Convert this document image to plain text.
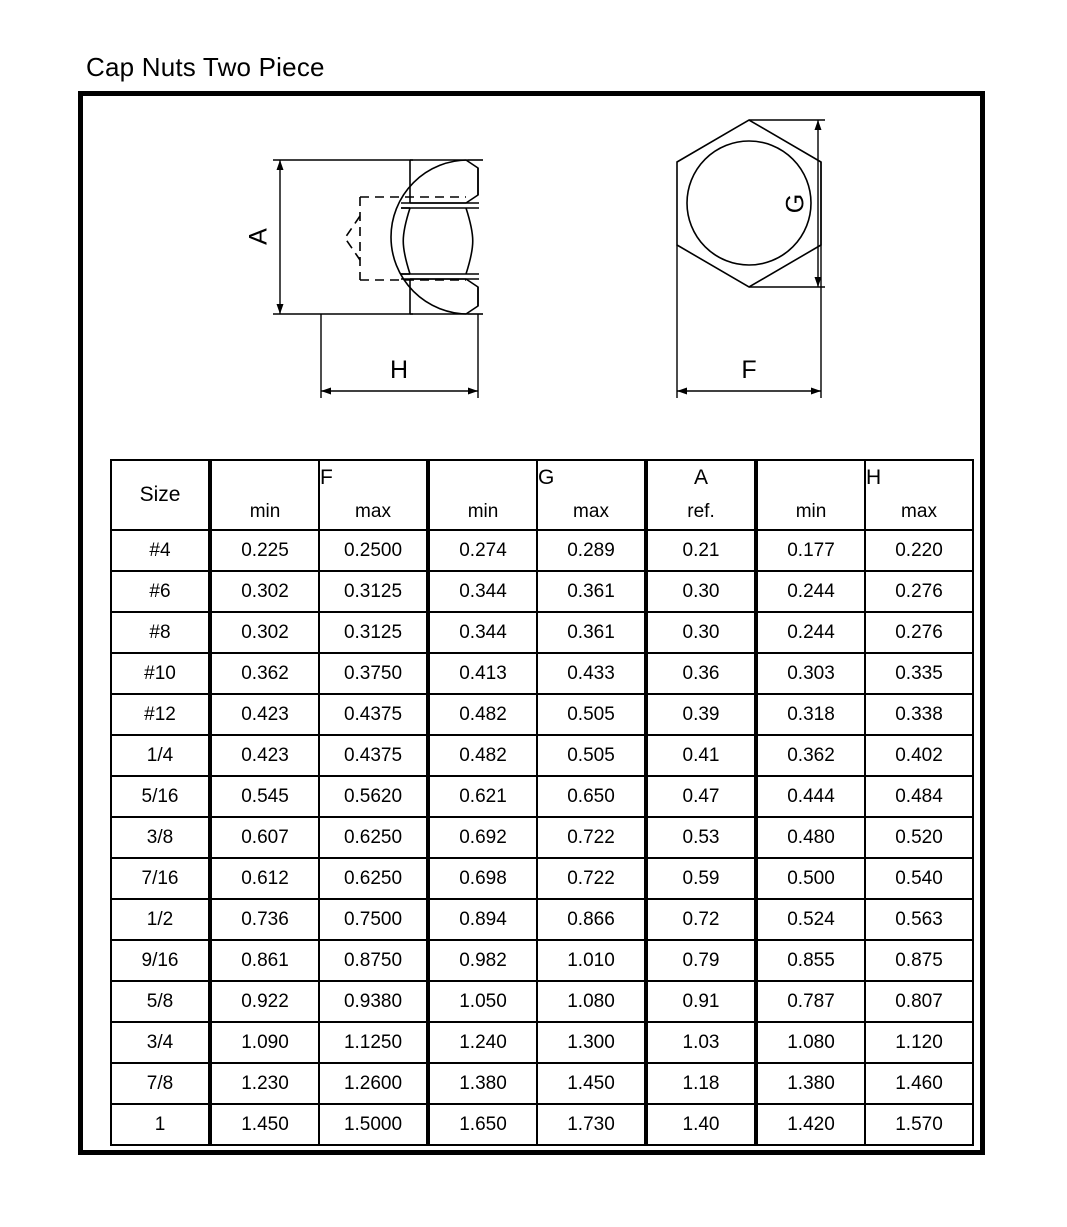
Cap Nuts Two Piece
A
H
G
F
Size		F		G	A		H
	min	max	min	max	ref.	min	max
#4	0.225	0.2500	0.274	0.289	0.21	0.177	0.220
#6	0.302	0.3125	0.344	0.361	0.30	0.244	0.276
#8	0.302	0.3125	0.344	0.361	0.30	0.244	0.276
#10	0.362	0.3750	0.413	0.433	0.36	0.303	0.335
#12	0.423	0.4375	0.482	0.505	0.39	0.318	0.338
1/4	0.423	0.4375	0.482	0.505	0.41	0.362	0.402
5/16	0.545	0.5620	0.621	0.650	0.47	0.444	0.484
3/8	0.607	0.6250	0.692	0.722	0.53	0.480	0.520
7/16	0.612	0.6250	0.698	0.722	0.59	0.500	0.540
1/2	0.736	0.7500	0.894	0.866	0.72	0.524	0.563
9/16	0.861	0.8750	0.982	1.010	0.79	0.855	0.875
5/8	0.922	0.9380	1.050	1.080	0.91	0.787	0.807
3/4	1.090	1.1250	1.240	1.300	1.03	1.080	1.120
7/8	1.230	1.2600	1.380	1.450	1.18	1.380	1.460
1	1.450	1.5000	1.650	1.730	1.40	1.420	1.570
